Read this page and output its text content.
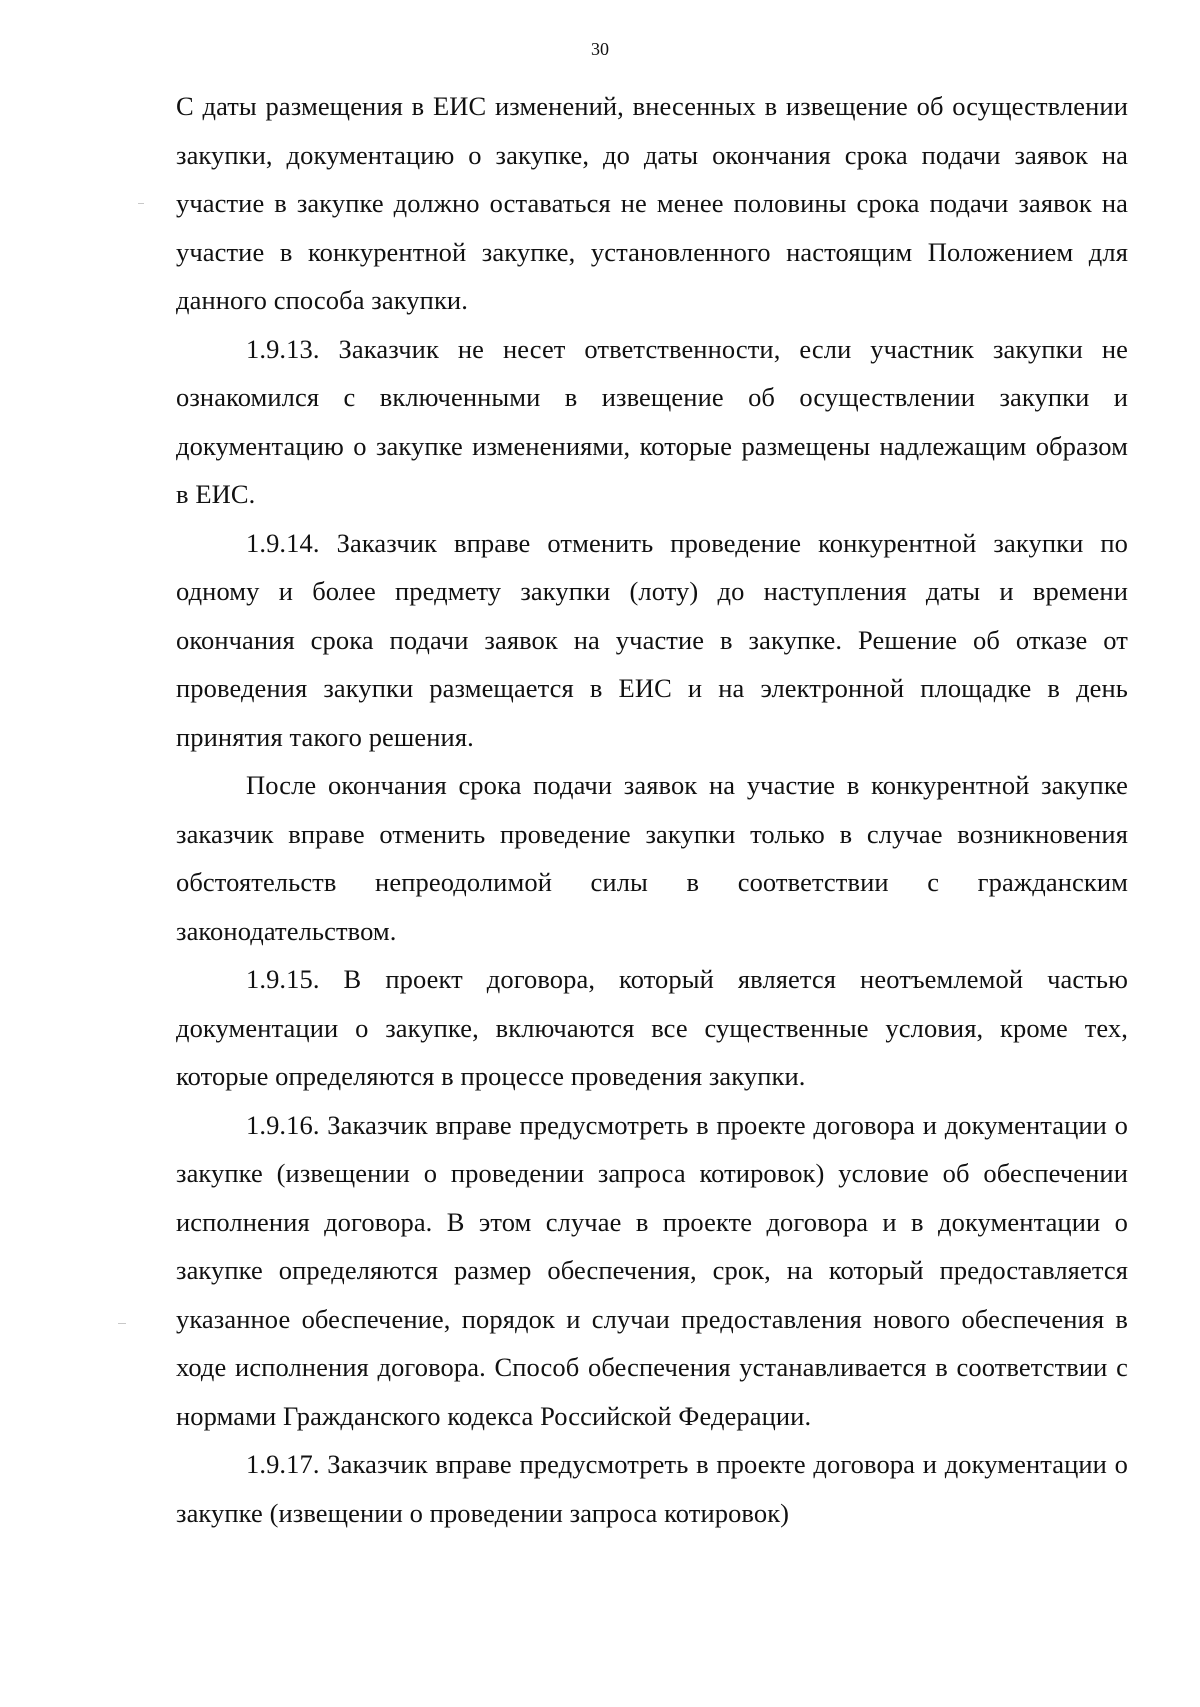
30

С даты размещения в ЕИС изменений, внесенных в извещение об осуществлении закупки, документацию о закупке, до даты окончания срока подачи заявок на участие в закупке должно оставаться не менее половины срока подачи заявок на участие в конкурентной закупке, установленного настоящим Положением для данного способа закупки.

1.9.13. Заказчик не несет ответственности, если участник закупки не ознакомился с включенными в извещение об осуществлении закупки и документацию о закупке изменениями, которые размещены надлежащим образом в ЕИС.

1.9.14. Заказчик вправе отменить проведение конкурентной закупки по одному и более предмету закупки (лоту) до наступления даты и времени окончания срока подачи заявок на участие в закупке. Решение об отказе от проведения закупки размещается в ЕИС и на электронной площадке в день принятия такого решения.

После окончания срока подачи заявок на участие в конкурентной закупке заказчик вправе отменить проведение закупки только в случае возникновения обстоятельств непреодолимой силы в соответствии с гражданским законодательством.

1.9.15. В проект договора, который является неотъемлемой частью документации о закупке, включаются все существенные условия, кроме тех, которые определяются в процессе проведения закупки.

1.9.16. Заказчик вправе предусмотреть в проекте договора и документации о закупке (извещении о проведении запроса котировок) условие об обеспечении исполнения договора. В этом случае в проекте договора и в документации о закупке определяются размер обеспечения, срок, на который предоставляется указанное обеспечение, порядок и случаи предоставления нового обеспечения в ходе исполнения договора. Способ обеспечения устанавливается в соответствии с нормами Гражданского кодекса Российской Федерации.

1.9.17. Заказчик вправе предусмотреть в проекте договора и документации о закупке (извещении о проведении запроса котировок)
